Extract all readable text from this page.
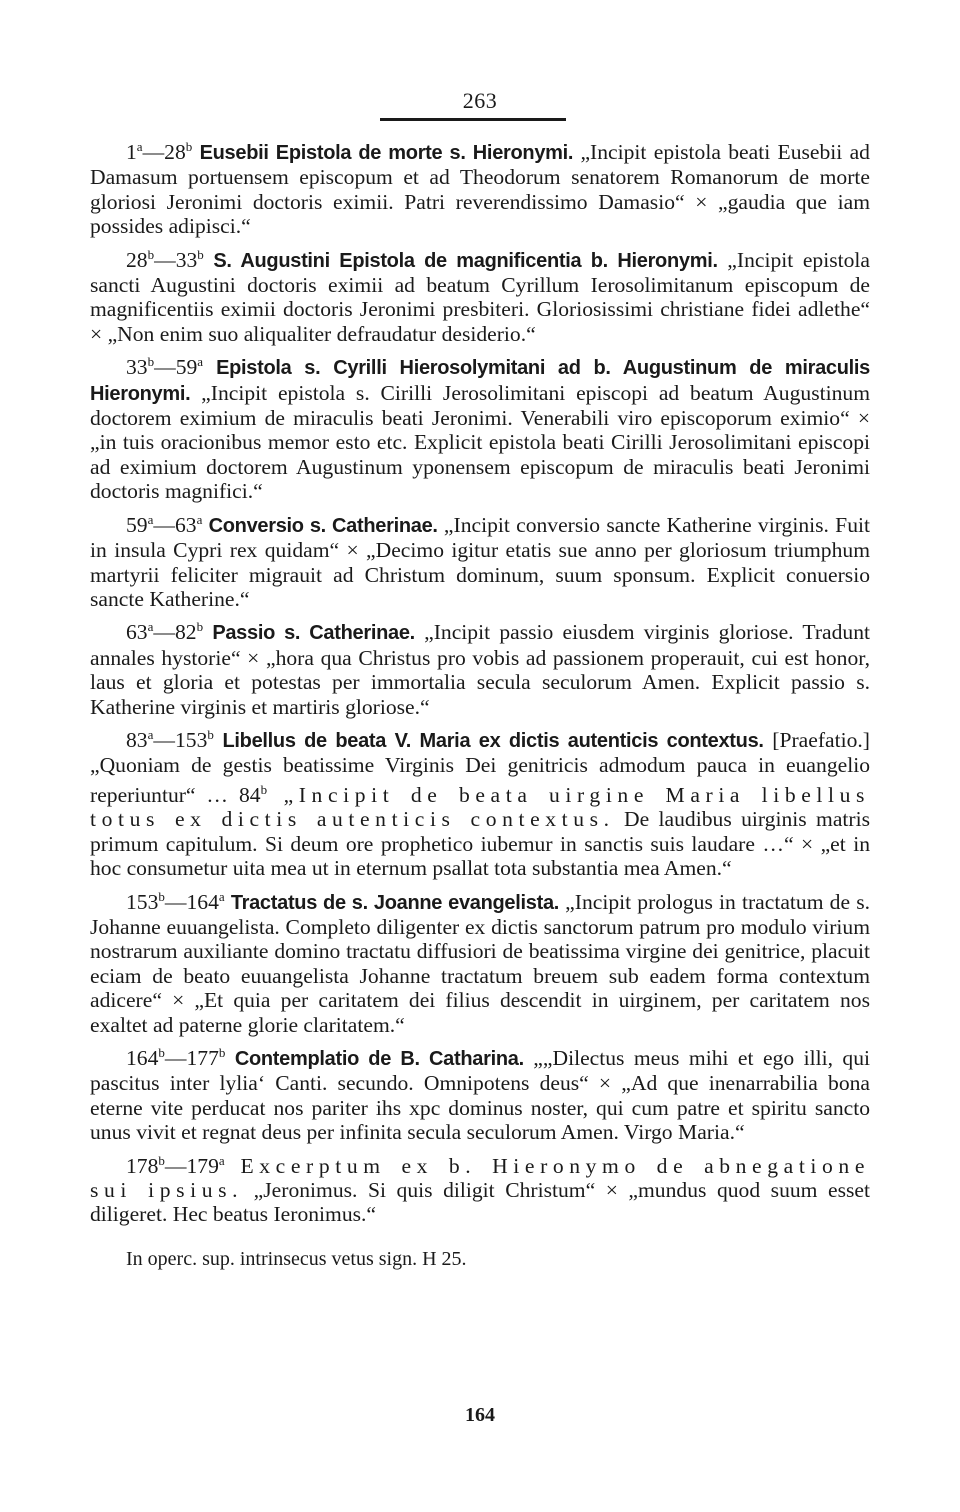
263

1$^a$—28$^b$ Eusebii Epistola de morte s. Hieronymi. „Incipit epistola beati Eusebii ad Damasum portuensem episcopum et ad Theodorum senatorem Romanorum de morte gloriosi Jeronimi doctoris eximii. Patri reverendissimo Damasio“ × „gaudia que iam possides adipisci.“

28$^b$—33$^b$ S. Augustini Epistola de magnificentia b. Hieronymi. „Incipit epistola sancti Augustini doctoris eximii ad beatum Cyrillum Ierosolimitanum episcopum de magnificentiis eximii doctoris Jeronimi presbiteri. Gloriosissimi christiane fidei adlethe“ × „Non enim suo aliqualiter defraudatur desiderio.“

33$^b$—59$^a$ Epistola s. Cyrilli Hierosolymitani ad b. Augustinum de miraculis Hieronymi. „Incipit epistola s. Cirilli Jerosolimitani episcopi ad beatum Augustinum doctorem eximium de miraculis beati Jeronimi. Venerabili viro episcoporum eximio“ × „in tuis oracionibus memor esto etc. Explicit epistola beati Cirilli Jerosolimitani episcopi ad eximium doctorem Augustinum yponensem episcopum de miraculis beati Jeronimi doctoris magnifici.“

59$^a$—63$^a$ Conversio s. Catherinae. „Incipit conversio sancte Katherine virginis. Fuit in insula Cypri rex quidam“ × „Decimo igitur etatis sue anno per gloriosum triumphum martyrii feliciter migrauit ad Christum dominum, suum sponsum. Explicit conuersio sancte Katherine.“

63$^a$—82$^b$ Passio s. Catherinae. „Incipit passio eiusdem virginis gloriose. Tradunt annales hystorie“ × „hora qua Christus pro vobis ad passionem properauit, cui est honor, laus et gloria et potestas per immortalia secula seculorum Amen. Explicit passio s. Katherine virginis et martiris gloriose.“

83$^a$—153$^b$ Libellus de beata V. Maria ex dictis autenticis contextus. [Praefatio.] „Quoniam de gestis beatissime Virginis Dei genitricis admodum pauca in euangelio reperiuntur“ … 84$^b$ „Incipit de beata uirgine Maria libellus totus ex dictis autenticis contextus. De laudibus uirginis matris primum capitulum. Si deum ore prophetico iubemur in sanctis suis laudare …“ × „et in hoc consumetur uita mea ut in eternum psallat tota substantia mea Amen.“

153$^b$—164$^a$ Tractatus de s. Joanne evangelista. „Incipit prologus in tractatum de s. Johanne euuangelista. Completo diligenter ex dictis sanctorum patrum pro modulo virium nostrarum auxiliante domino tractatu diffusiori de beatissima virgine dei genitrice, placuit eciam de beato euuangelista Johanne tractatum breuem sub eadem forma contextum adicere“ × „Et quia per caritatem dei filius descendit in uirginem, per caritatem nos exaltet ad paterne glorie claritatem.“

164$^b$—177$^b$ Contemplatio de B. Catharina. „„Dilectus meus mihi et ego illi, qui pascitus inter lylia‘ Canti. secundo. Omnipotens deus“ × „Ad que inenarrabilia bona eterne vite perducat nos pariter ihs xpc dominus noster, qui cum patre et spiritu sancto unus vivit et regnat deus per infinita secula seculorum Amen. Virgo Maria.“

178$^b$—179$^a$ Excerptum ex b. Hieronymo de abnegatione sui ipsius. „Jeronimus. Si quis diligit Christum“ × „mundus quod suum esset diligeret. Hec beatus Ieronimus.“

In operc. sup. intrinsecus vetus sign. H 25.

164
